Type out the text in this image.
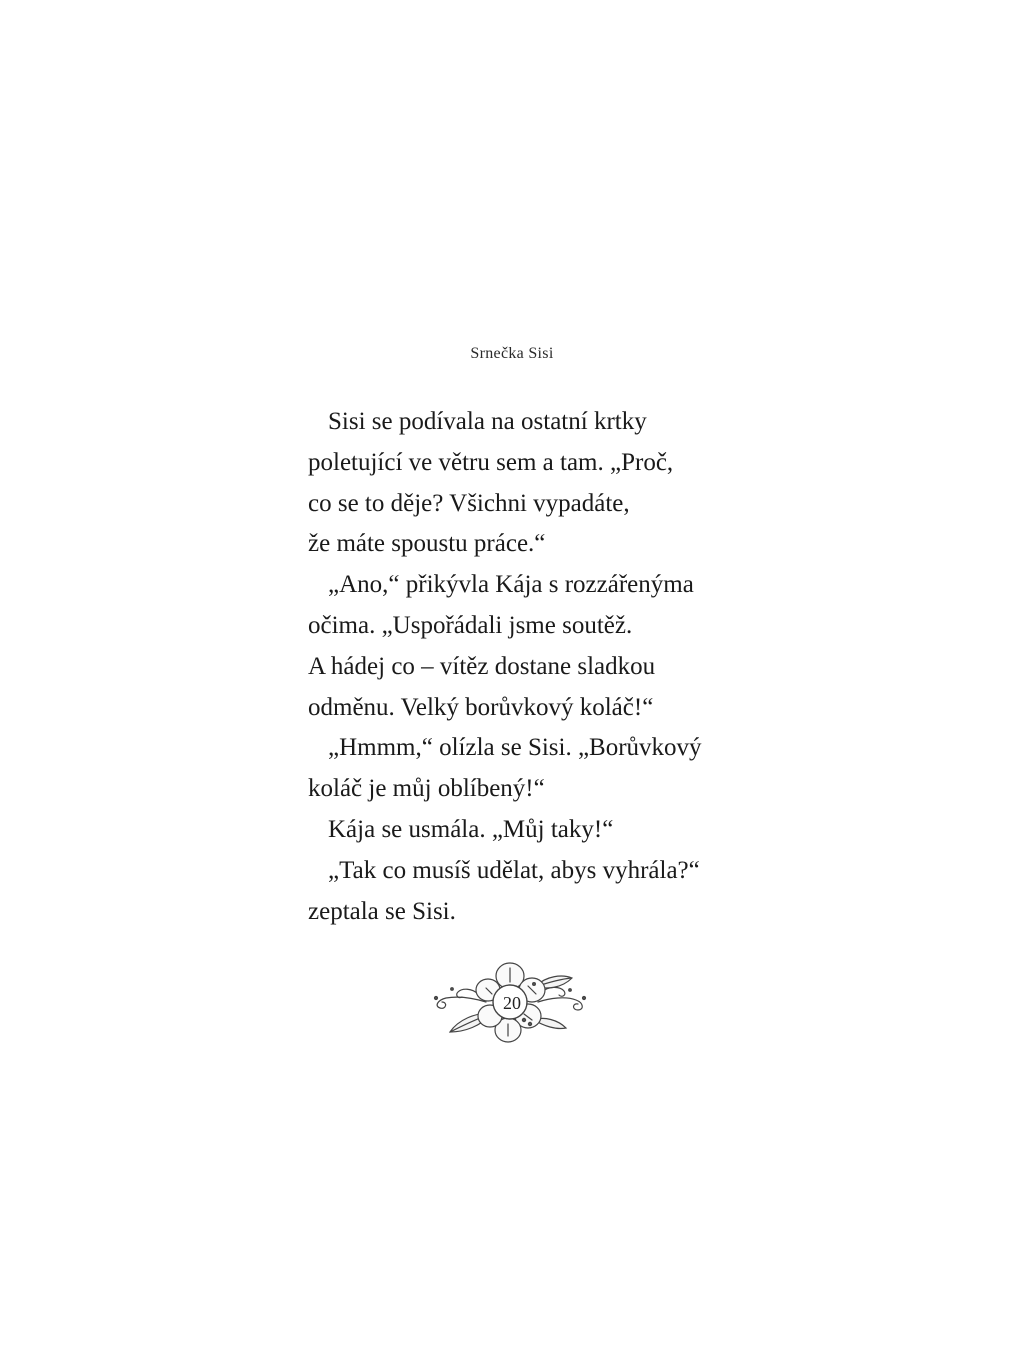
Srnečka Sisi
Sisi se podívala na ostatní krtky
poletující ve větru sem a tam. „Proč,
co se to děje? Všichni vypadáte,
že máte spoustu práce.“
„Ano,“ přikývla Kája s rozzářenýma
očima. „Uspořádali jsme soutěž.
A hádej co – vítěz dostane sladkou
odměnu. Velký borůvkový koláč!“
„Hmmm,“ olízla se Sisi. „Borůvkový
koláč je můj oblíbený!“
Kája se usmála. „Můj taky!“
„Tak co musíš udělat, abys vyhrála?“
zeptala se Sisi.
20
